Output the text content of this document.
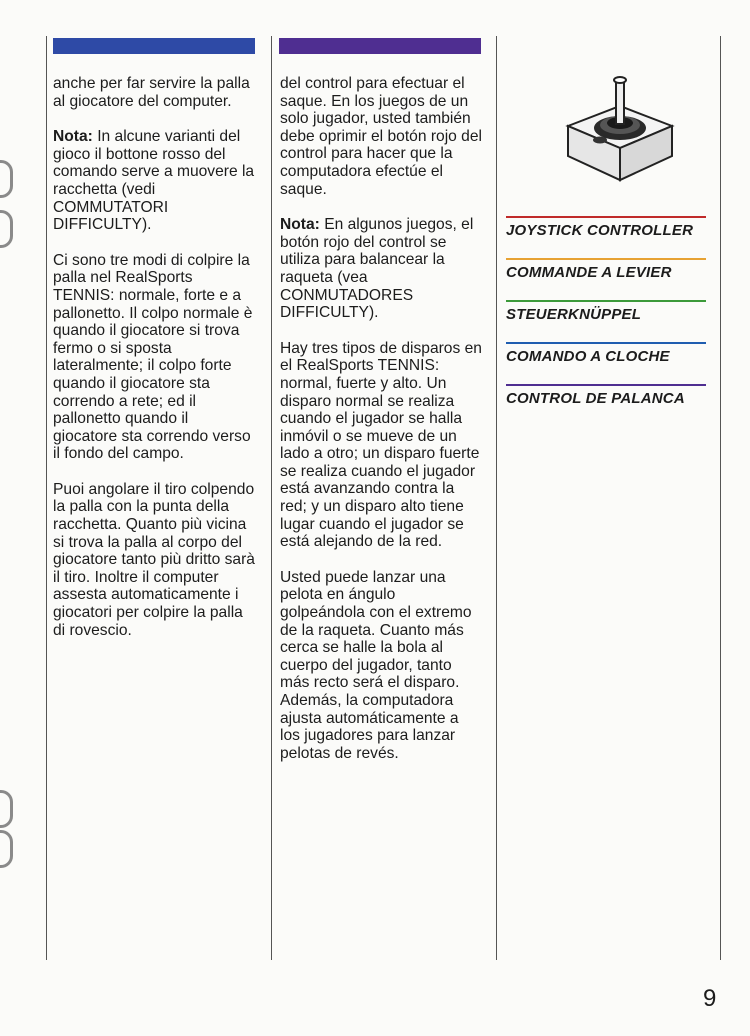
anche per far servire la palla al giocatore del computer.

Nota: In alcune varianti del gioco il bottone rosso del comando serve a muovere la racchetta (vedi COMMUTATORI DIFFICULTY).

Ci sono tre modi di colpire la palla nel RealSports TENNIS: normale, forte e a pallonetto. Il colpo normale è quando il giocatore si trova fermo o si sposta lateralmente; il colpo forte quando il giocatore sta correndo a rete; ed il pallonetto quando il giocatore sta correndo verso il fondo del campo.

Puoi angolare il tiro colpendo la palla con la punta della racchetta. Quanto più vicina si trova la palla al corpo del giocatore tanto più dritto sarà il tiro. Inoltre il computer assesta automaticamente i giocatori per colpire la palla di rovescio.

del control para efectuar el saque. En los juegos de un solo jugador, usted también debe oprimir el botón rojo del control para hacer que la computadora efectúe el saque.

Nota: En algunos juegos, el botón rojo del control se utiliza para balancear la raqueta (vea CONMUTADORES DIFFICULTY).

Hay tres tipos de disparos en el RealSports TENNIS: normal, fuerte y alto. Un disparo normal se realiza cuando el jugador se halla inmóvil o se mueve de un lado a otro; un disparo fuerte se realiza cuando el jugador está avanzando contra la red; y un disparo alto tiene lugar cuando el jugador se está alejando de la red.

Usted puede lanzar una pelota en ángulo golpeándola con el extremo de la raqueta. Cuanto más cerca se halle la bola al cuerpo del jugador, tanto más recto será el disparo. Además, la computadora ajusta automáticamente a los jugadores para lanzar pelotas de revés.

JOYSTICK CONTROLLER
COMMANDE A LEVIER
STEUERKNÜPPEL
COMANDO A CLOCHE
CONTROL DE PALANCA
9
